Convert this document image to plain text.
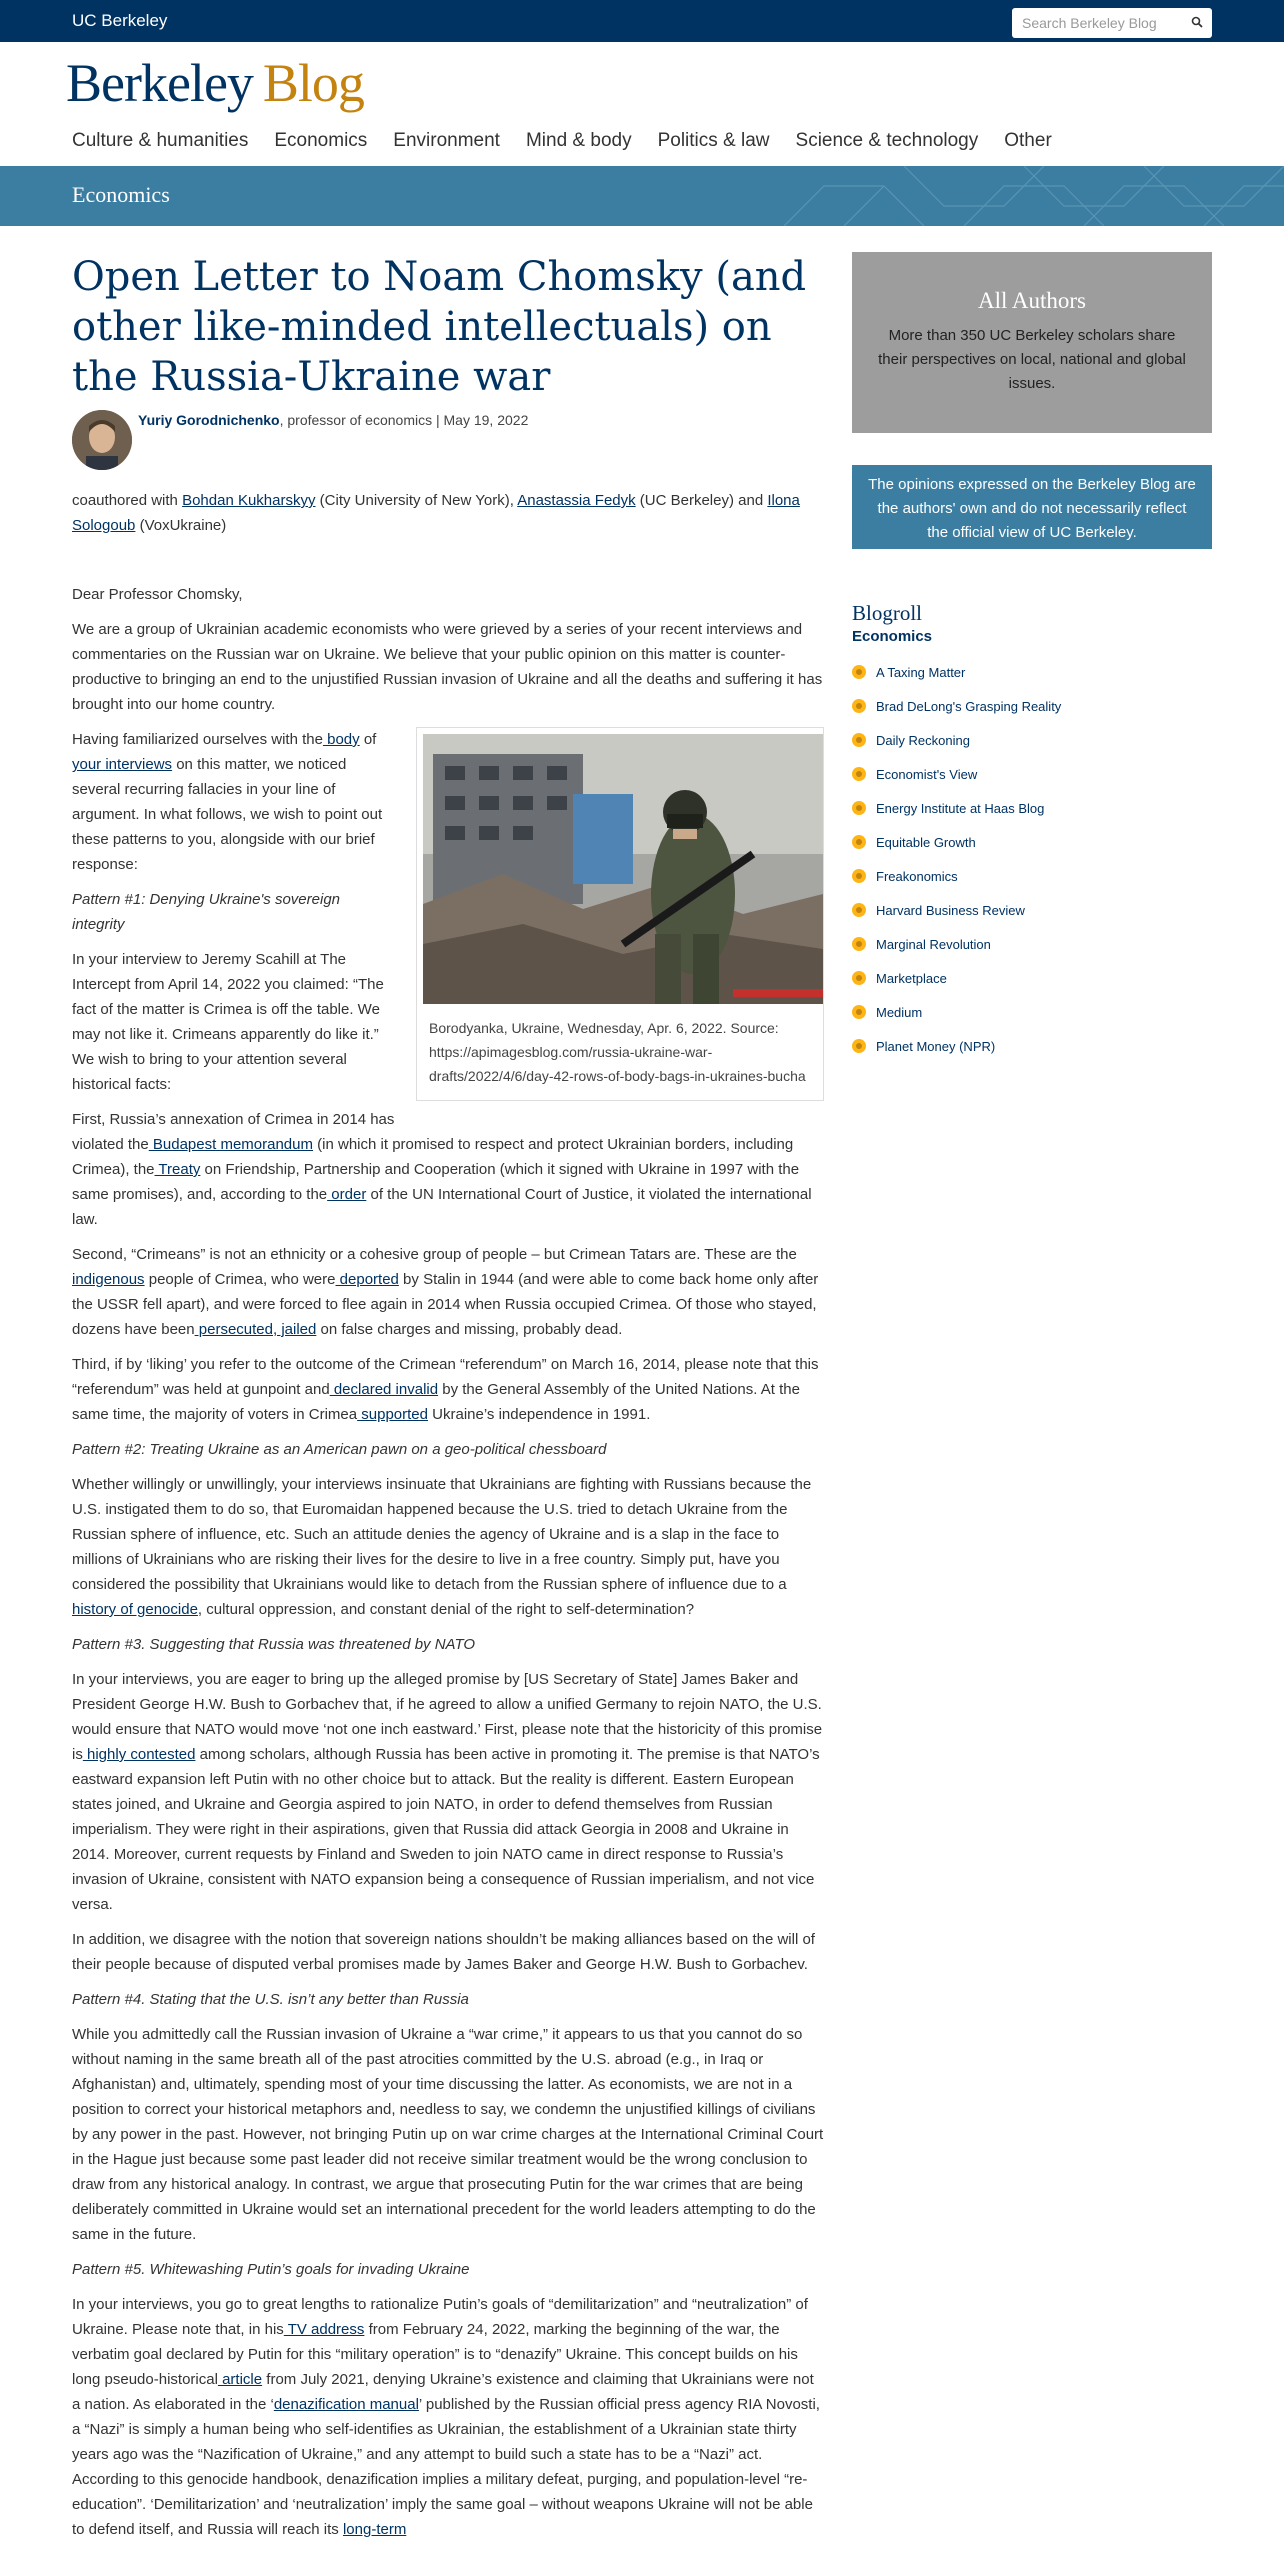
UC Berkeley	Search Berkeley Blog
Berkeley Blog
Culture & humanities Economics Environment Mind & body Politics & law Science & technology Other
Economics
Open Letter to Noam Chomsky (and other like-minded intellectuals) on the Russia-Ukraine war
Yuriy Gorodnichenko, professor of economics | May 19, 2022

coauthored with Bohdan Kukharskyy (City University of New York), Anastassia Fedyk (UC Berkeley) and Ilona Sologoub (VoxUkraine)

Dear Professor Chomsky,

We are a group of Ukrainian academic economists who were grieved by a series of your recent interviews and commentaries on the Russian war on Ukraine. We believe that your public opinion on this matter is counter-productive to bringing an end to the unjustified Russian invasion of Ukraine and all the deaths and suffering it has brought into our home country.

Borodyanka, Ukraine, Wednesday, Apr. 6, 2022. Source: https://apimagesblog.com/russia-ukraine-war-drafts/2022/4/6/day-42-rows-of-body-bags-in-ukraines-bucha

Having familiarized ourselves with the body of your interviews on this matter, we noticed several recurring fallacies in your line of argument. In what follows, we wish to point out these patterns to you, alongside with our brief response:

Pattern #1: Denying Ukraine's sovereign integrity

In your interview to Jeremy Scahill at The Intercept from April 14, 2022 you claimed: “The fact of the matter is Crimea is off the table. We may not like it. Crimeans apparently do like it.” We wish to bring to your attention several historical facts:

First, Russia’s annexation of Crimea in 2014 has violated the Budapest memorandum (in which it promised to respect and protect Ukrainian borders, including Crimea), the Treaty on Friendship, Partnership and Cooperation (which it signed with Ukraine in 1997 with the same promises), and, according to the order of the UN International Court of Justice, it violated the international law.

Second, “Crimeans” is not an ethnicity or a cohesive group of people – but Crimean Tatars are. These are the indigenous people of Crimea, who were deported by Stalin in 1944 (and were able to come back home only after the USSR fell apart), and were forced to flee again in 2014 when Russia occupied Crimea. Of those who stayed, dozens have been persecuted, jailed on false charges and missing, probably dead.

Third, if by ‘liking’ you refer to the outcome of the Crimean “referendum” on March 16, 2014, please note that this “referendum” was held at gunpoint and declared invalid by the General Assembly of the United Nations. At the same time, the majority of voters in Crimea supported Ukraine’s independence in 1991.

Pattern #2: Treating Ukraine as an American pawn on a geo-political chessboard

Whether willingly or unwillingly, your interviews insinuate that Ukrainians are fighting with Russians because the U.S. instigated them to do so, that Euromaidan happened because the U.S. tried to detach Ukraine from the Russian sphere of influence, etc. Such an attitude denies the agency of Ukraine and is a slap in the face to millions of Ukrainians who are risking their lives for the desire to live in a free country. Simply put, have you considered the possibility that Ukrainians would like to detach from the Russian sphere of influence due to a history of genocide, cultural oppression, and constant denial of the right to self-determination?

Pattern #3. Suggesting that Russia was threatened by NATO

In your interviews, you are eager to bring up the alleged promise by [US Secretary of State] James Baker and President George H.W. Bush to Gorbachev that, if he agreed to allow a unified Germany to rejoin NATO, the U.S. would ensure that NATO would move ‘not one inch eastward.’ First, please note that the historicity of this promise is highly contested among scholars, although Russia has been active in promoting it. The premise is that NATO’s eastward expansion left Putin with no other choice but to attack. But the reality is different. Eastern European states joined, and Ukraine and Georgia aspired to join NATO, in order to defend themselves from Russian imperialism. They were right in their aspirations, given that Russia did attack Georgia in 2008 and Ukraine in 2014. Moreover, current requests by Finland and Sweden to join NATO came in direct response to Russia’s invasion of Ukraine, consistent with NATO expansion being a consequence of Russian imperialism, and not vice versa.

In addition, we disagree with the notion that sovereign nations shouldn’t be making alliances based on the will of their people because of disputed verbal promises made by James Baker and George H.W. Bush to Gorbachev.

Pattern #4. Stating that the U.S. isn’t any better than Russia

While you admittedly call the Russian invasion of Ukraine a “war crime,” it appears to us that you cannot do so without naming in the same breath all of the past atrocities committed by the U.S. abroad (e.g., in Iraq or Afghanistan) and, ultimately, spending most of your time discussing the latter. As economists, we are not in a position to correct your historical metaphors and, needless to say, we condemn the unjustified killings of civilians by any power in the past. However, not bringing Putin up on war crime charges at the International Criminal Court in the Hague just because some past leader did not receive similar treatment would be the wrong conclusion to draw from any historical analogy. In contrast, we argue that prosecuting Putin for the war crimes that are being deliberately committed in Ukraine would set an international precedent for the world leaders attempting to do the same in the future.

Pattern #5. Whitewashing Putin’s goals for invading Ukraine

In your interviews, you go to great lengths to rationalize Putin’s goals of “demilitarization” and “neutralization” of Ukraine. Please note that, in his TV address from February 24, 2022, marking the beginning of the war, the verbatim goal declared by Putin for this “military operation” is to “denazify” Ukraine. This concept builds on his long pseudo-historical article from July 2021, denying Ukraine’s existence and claiming that Ukrainians were not a nation. As elaborated in the ‘denazification manual’ published by the Russian official press agency RIA Novosti, a “Nazi” is simply a human being who self-identifies as Ukrainian, the establishment of a Ukrainian state thirty years ago was the “Nazification of Ukraine,” and any attempt to build such a state has to be a “Nazi” act. According to this genocide handbook, denazification implies a military defeat, purging, and population-level “re-education”. ‘Demilitarization’ and ‘neutralization’ imply the same goal – without weapons Ukraine will not be able to defend itself, and Russia will reach its long-term

All Authors
More than 350 UC Berkeley scholars share their perspectives on local, national and global issues.
The opinions expressed on the Berkeley Blog are the authors' own and do not necessarily reflect the official view of UC Berkeley.
Blogroll
Economics
A Taxing Matter
Brad DeLong's Grasping Reality
Daily Reckoning
Economist's View
Energy Institute at Haas Blog
Equitable Growth
Freakonomics
Harvard Business Review
Marginal Revolution
Marketplace
Medium
Planet Money (NPR)
